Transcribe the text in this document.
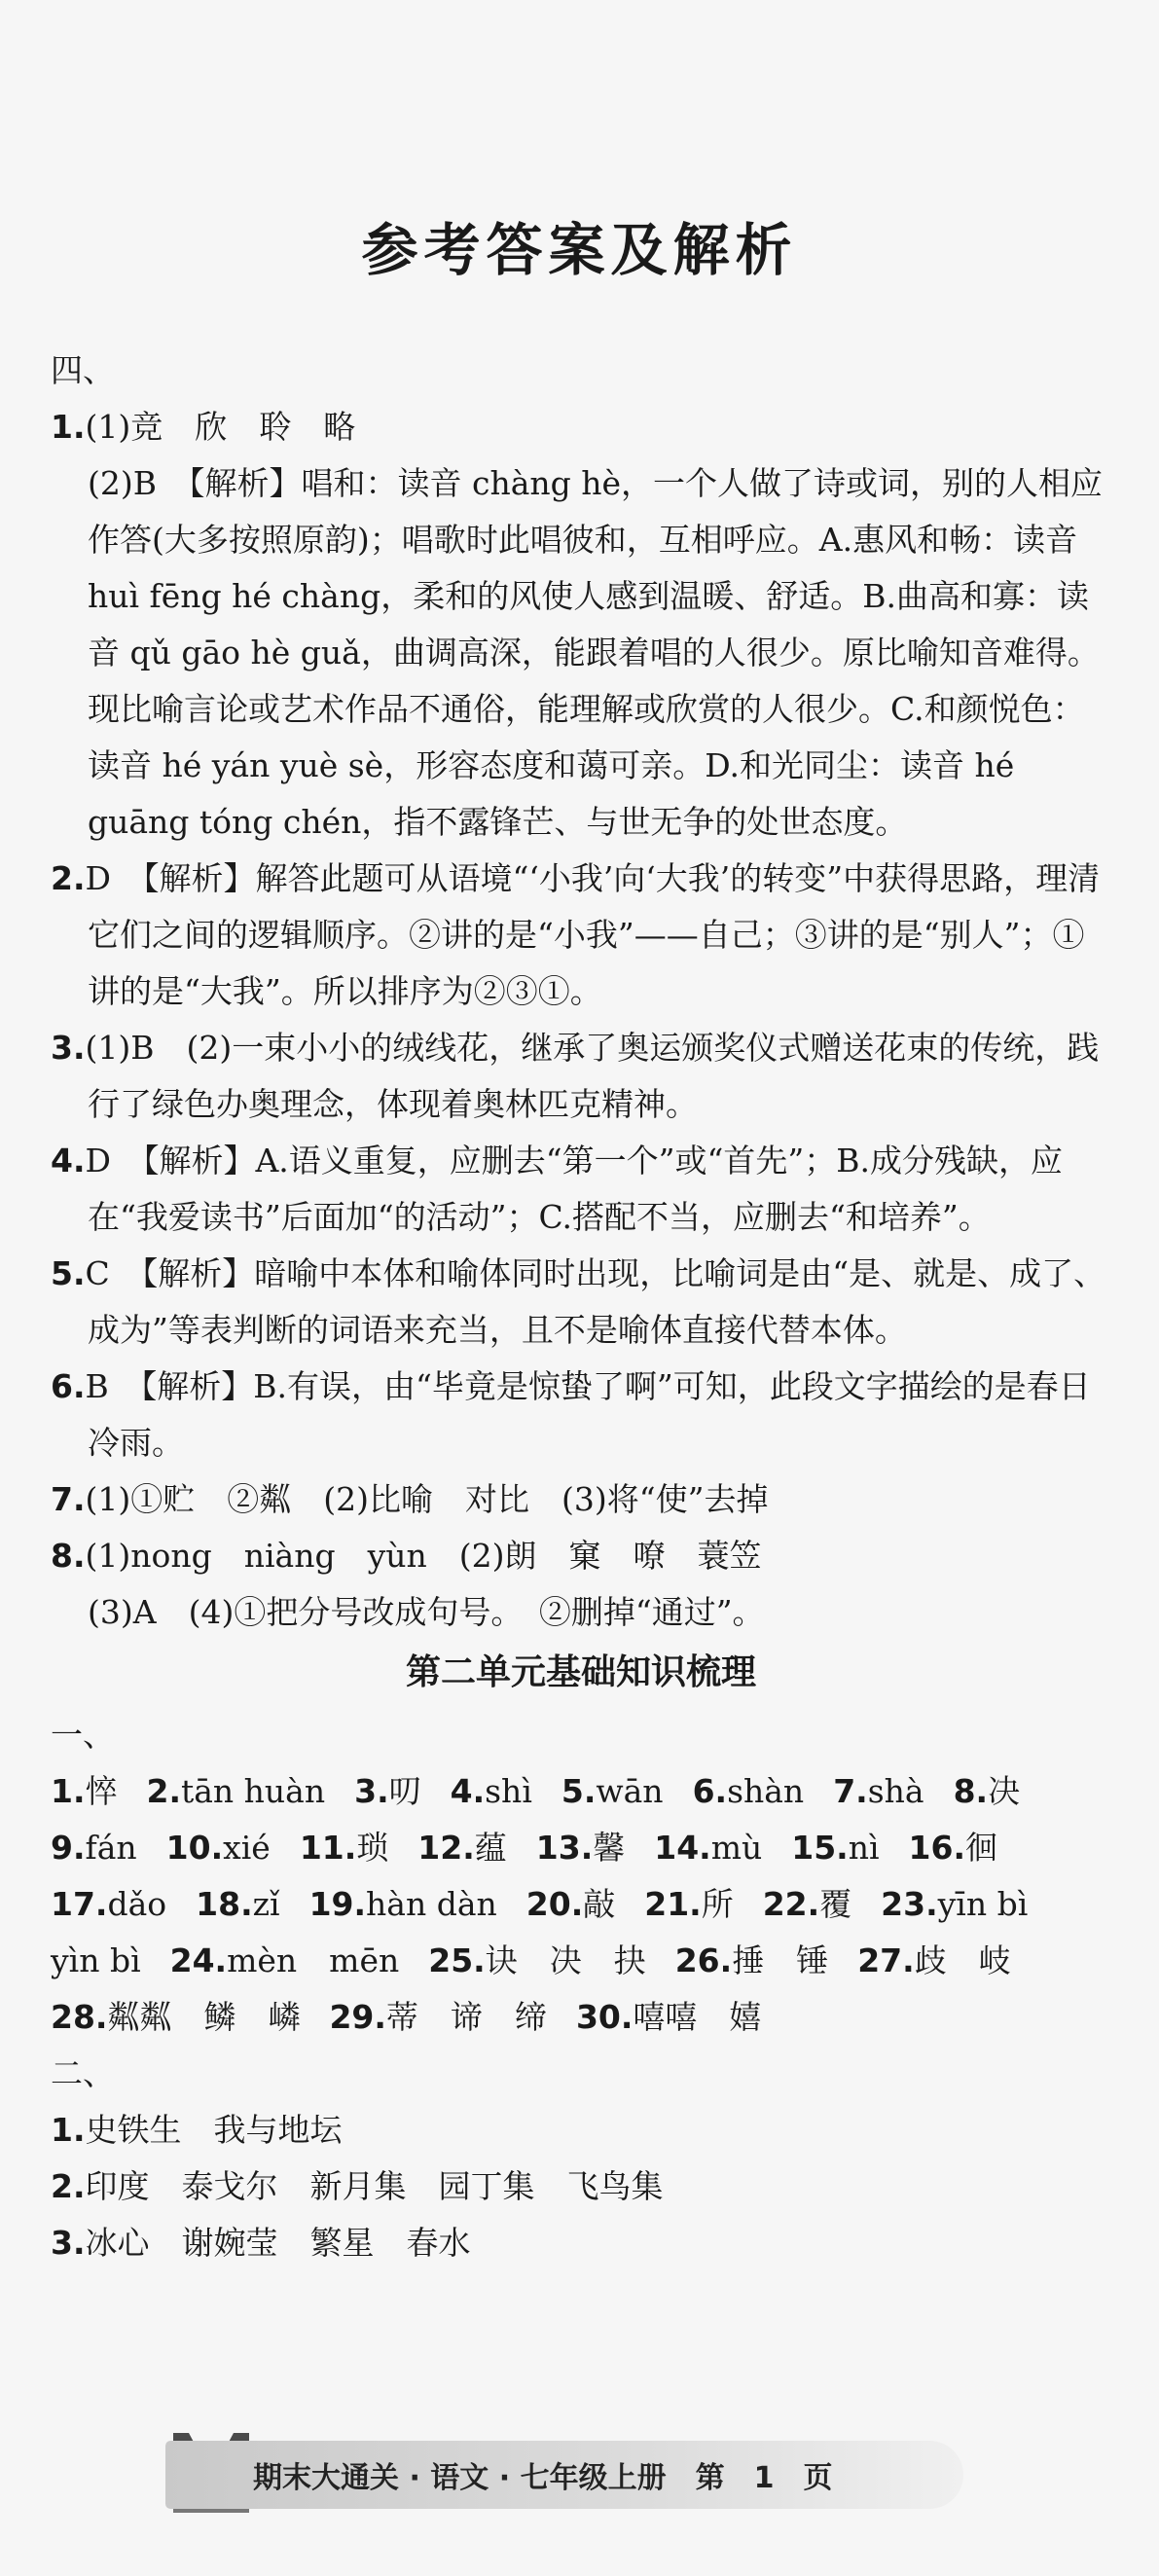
参考答案及解析

四、

1.(1)竞　欣　聆　略

(2)B　【解析】唱和：读音 chàng hè，一个人做了诗或词，别的人相应作答(大多按照原韵)；唱歌时此唱彼和，互相呼应。A.惠风和畅：读音 huì fēng hé chàng，柔和的风使人感到温暖、舒适。B.曲高和寡：读音 qǔ gāo hè guǎ，曲调高深，能跟着唱的人很少。原比喻知音难得。现比喻言论或艺术作品不通俗，能理解或欣赏的人很少。C.和颜悦色：读音 hé yán yuè sè，形容态度和蔼可亲。D.和光同尘：读音 hé guāng tóng chén，指不露锋芒、与世无争的处世态度。

2.D　【解析】解答此题可从语境“‘小我’向‘大我’的转变”中获得思路，理清它们之间的逻辑顺序。②讲的是“小我”——自己；③讲的是“别人”；①讲的是“大我”。所以排序为②③①。

3.(1)B　(2)一束小小的绒线花，继承了奥运颁奖仪式赠送花束的传统，践行了绿色办奥理念，体现着奥林匹克精神。

4.D　【解析】A.语义重复，应删去“第一个”或“首先”；B.成分残缺，应在“我爱读书”后面加“的活动”；C.搭配不当，应删去“和培养”。

5.C　【解析】暗喻中本体和喻体同时出现，比喻词是由“是、就是、成了、成为”等表判断的词语来充当，且不是喻体直接代替本体。

6.B　【解析】B.有误，由“毕竟是惊蛰了啊”可知，此段文字描绘的是春日冷雨。

7.(1)①贮　②粼　(2)比喻　对比　(3)将“使”去掉

8.(1)nong　niàng　yùn　(2)朗　窠　嘹　蓑笠

(3)A　(4)①把分号改成句号。　②删掉“通过”。

第二单元基础知识梳理

一、

1.悴 2.tān huàn 3.叨 4.shì 5.wān 6.shàn 7.shà 8.决

9.fán 10.xié 11.琐 12.蕴 13.馨 14.mù 15.nì 16.徊

17.dǎo 18.zǐ 19.hàn dàn 20.敲 21.所 22.覆 23.yīn bì

yìn bì 24.mèn　mēn 25.诀　决　抉 26.捶　锤 27.歧　岐

28.粼粼　鳞　嶙 29.蒂　谛　缔 30.嘻嘻　嬉

二、

1.史铁生　我与地坛

2.印度　泰戈尔　新月集　园丁集　飞鸟集

3.冰心　谢婉莹　繁星　春水

期末大通关 · 语文 · 七年级上册　第　1　页
